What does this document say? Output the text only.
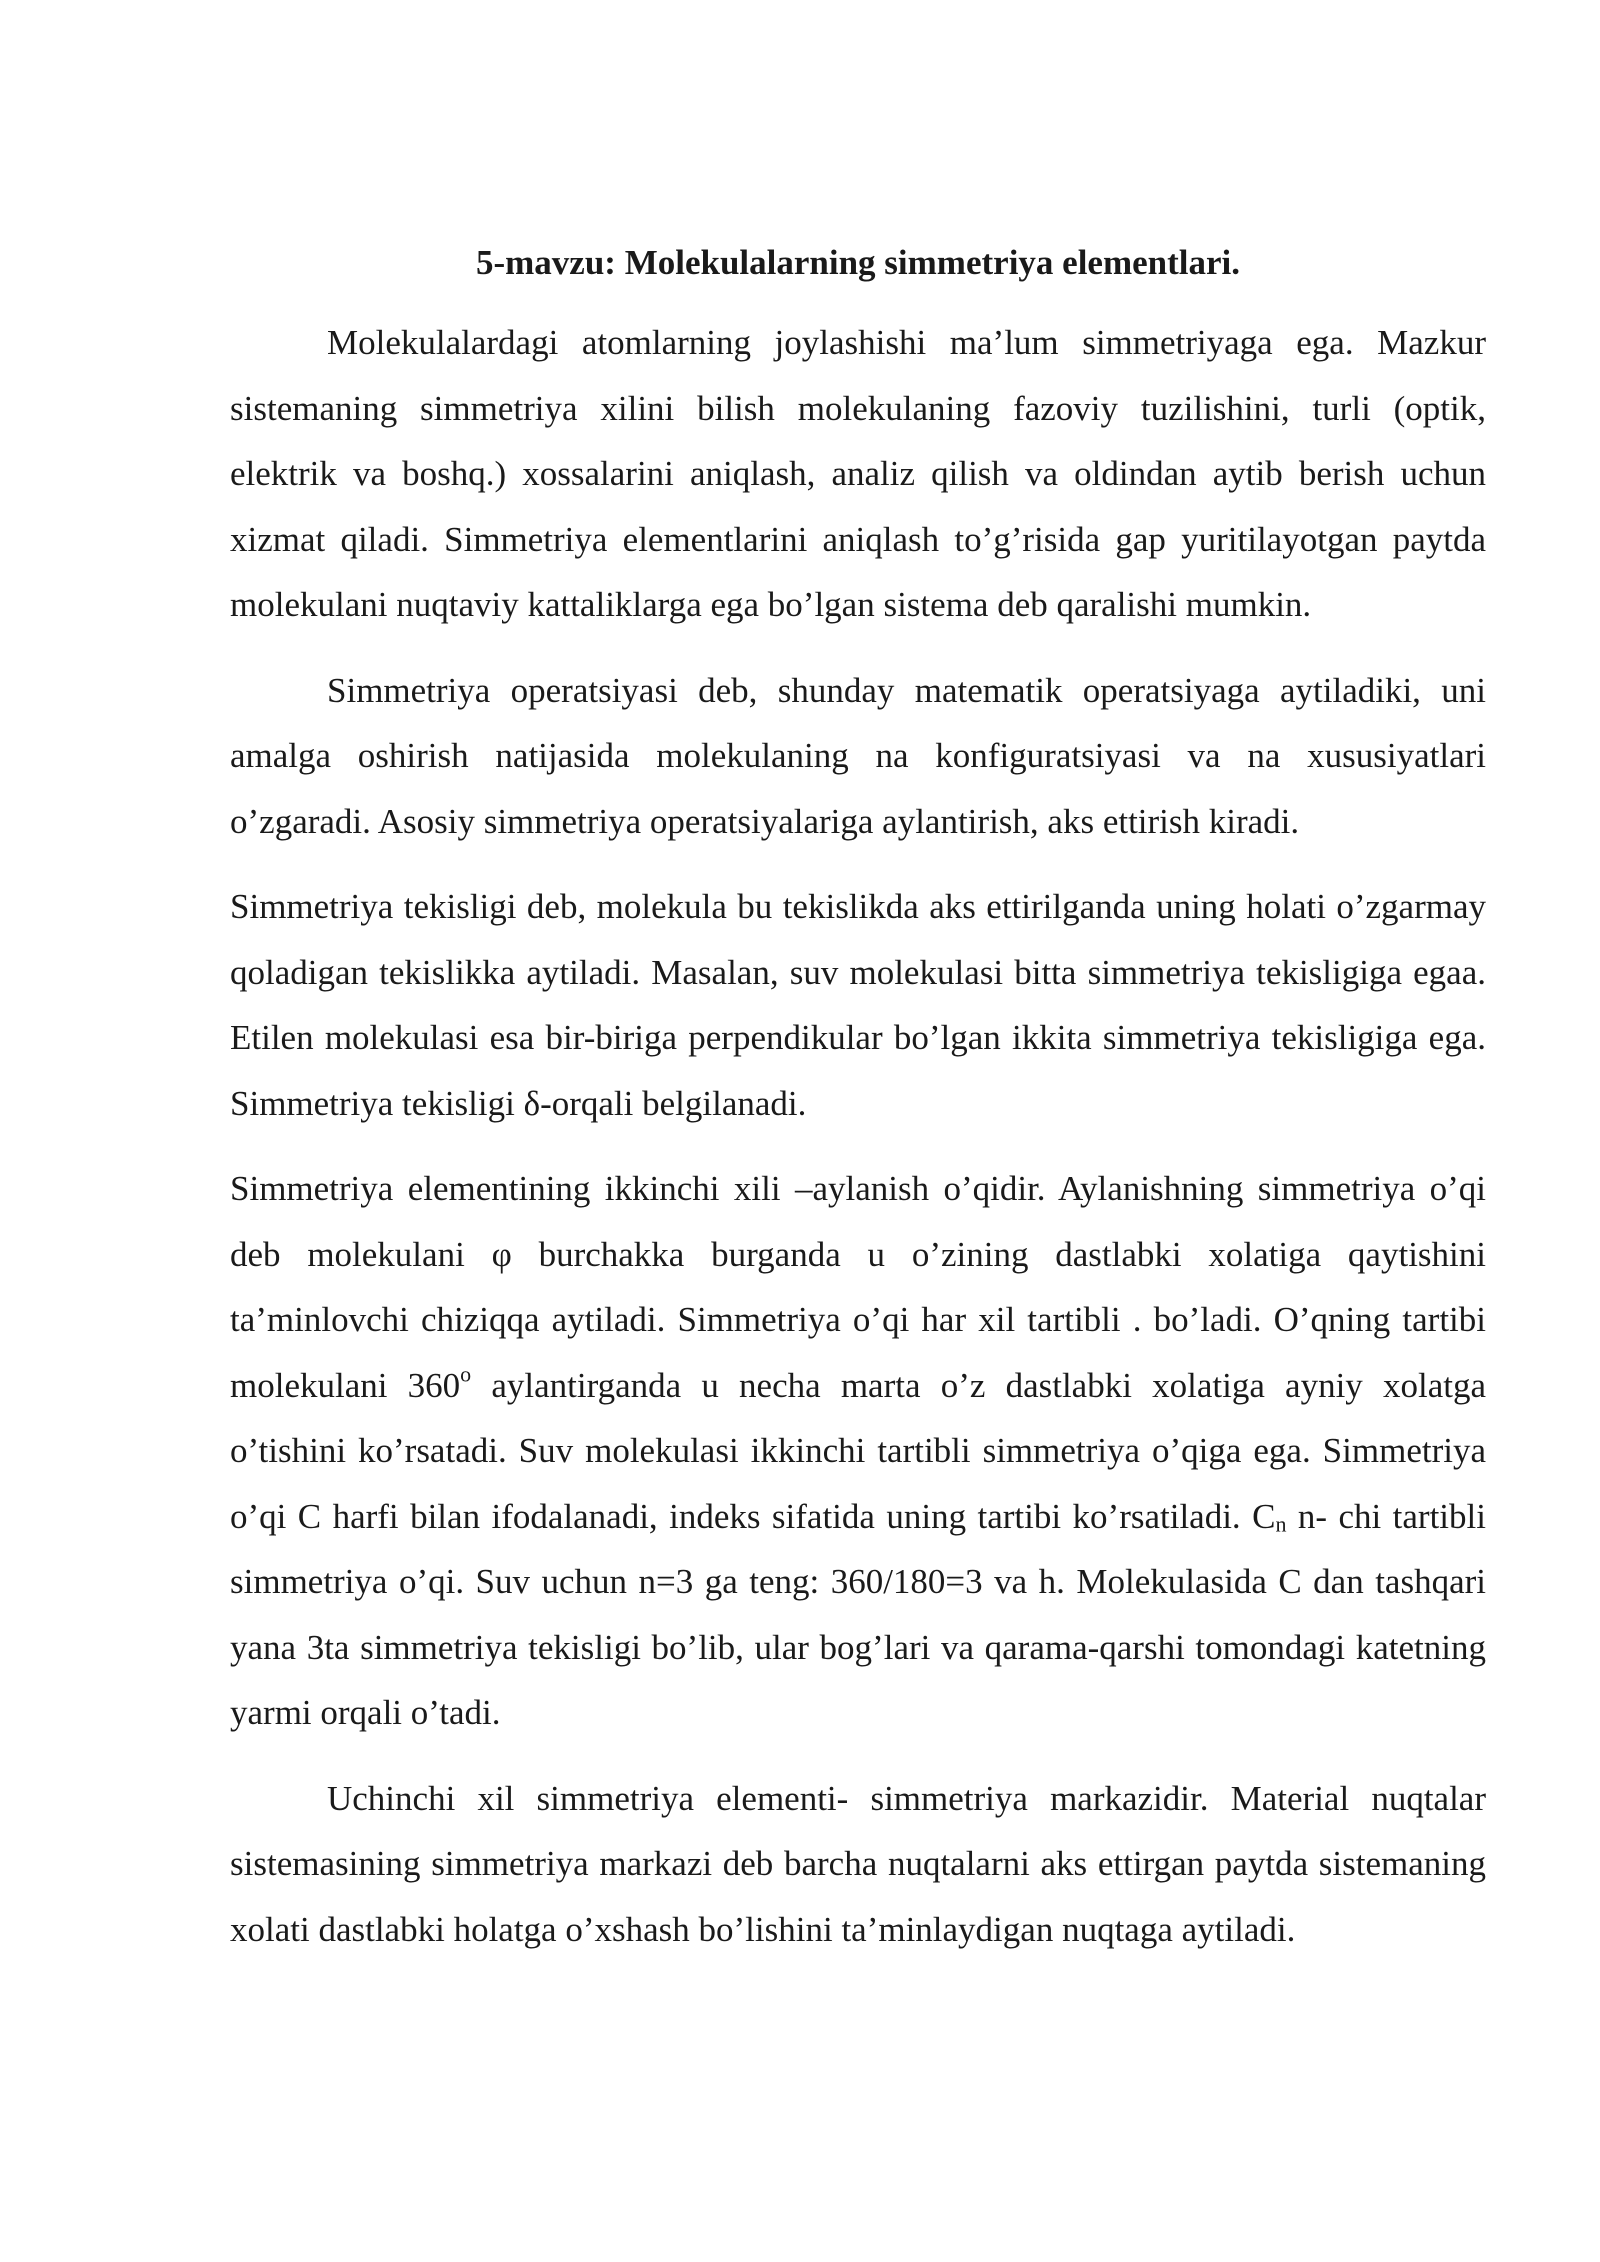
5-mavzu: Molekulalarning simmetriya elementlari.

Molekulalardagi atomlarning joylashishi ma’lum simmetriyaga ega. Mazkur sistemaning simmetriya xilini bilish molekulaning fazoviy tuzilishini, turli (optik, elektrik va boshq.) xossalarini aniqlash, analiz qilish va oldindan aytib berish uchun xizmat qiladi. Simmetriya elementlarini aniqlash to’g’risida gap yuritilayotgan paytda molekulani nuqtaviy kattaliklarga ega bo’lgan sistema deb qaralishi mumkin.

Simmetriya operatsiyasi deb, shunday matematik operatsiyaga aytiladiki, uni amalga oshirish natijasida molekulaning na konfiguratsiyasi va na xususiyatlari o’zgaradi. Asosiy simmetriya operatsiyalariga aylantirish, aks ettirish kiradi.

Simmetriya tekisligi deb, molekula bu tekislikda aks ettirilganda uning holati o’zgarmay qoladigan tekislikka aytiladi. Masalan, suv molekulasi bitta simmetriya tekisligiga egaa. Etilen molekulasi esa bir-biriga perpendikular bo’lgan ikkita simmetriya tekisligiga ega. Simmetriya tekisligi δ-orqali belgilanadi.

Simmetriya elementining ikkinchi xili –aylanish o’qidir. Aylanishning simmetriya o’qi deb molekulani φ burchakka burganda u o’zining dastlabki xolatiga qaytishini ta’minlovchi chiziqqa aytiladi. Simmetriya o’qi har xil tartibli . bo’ladi. O’qning tartibi molekulani 360$^o$ aylantirganda u necha marta o’z dastlabki xolatiga ayniy xolatga o’tishini ko’rsatadi. Suv molekulasi ikkinchi tartibli simmetriya o’qiga ega. Simmetriya o’qi C harfi bilan ifodalanadi, indeks sifatida uning tartibi ko’rsatiladi. $C_n$ n- chi tartibli simmetriya o’qi. Suv uchun n=3 ga teng: 360/180=3 va h. Molekulasida C dan tashqari yana 3ta simmetriya tekisligi bo’lib, ular bog’lari va qarama-qarshi tomondagi katetning yarmi orqali o’tadi.

Uchinchi xil simmetriya elementi- simmetriya markazidir. Material nuqtalar sistemasining simmetriya markazi deb barcha nuqtalarni aks ettirgan paytda sistemaning xolati dastlabki holatga o’xshash bo’lishini ta’minlaydigan nuqtaga aytiladi.
